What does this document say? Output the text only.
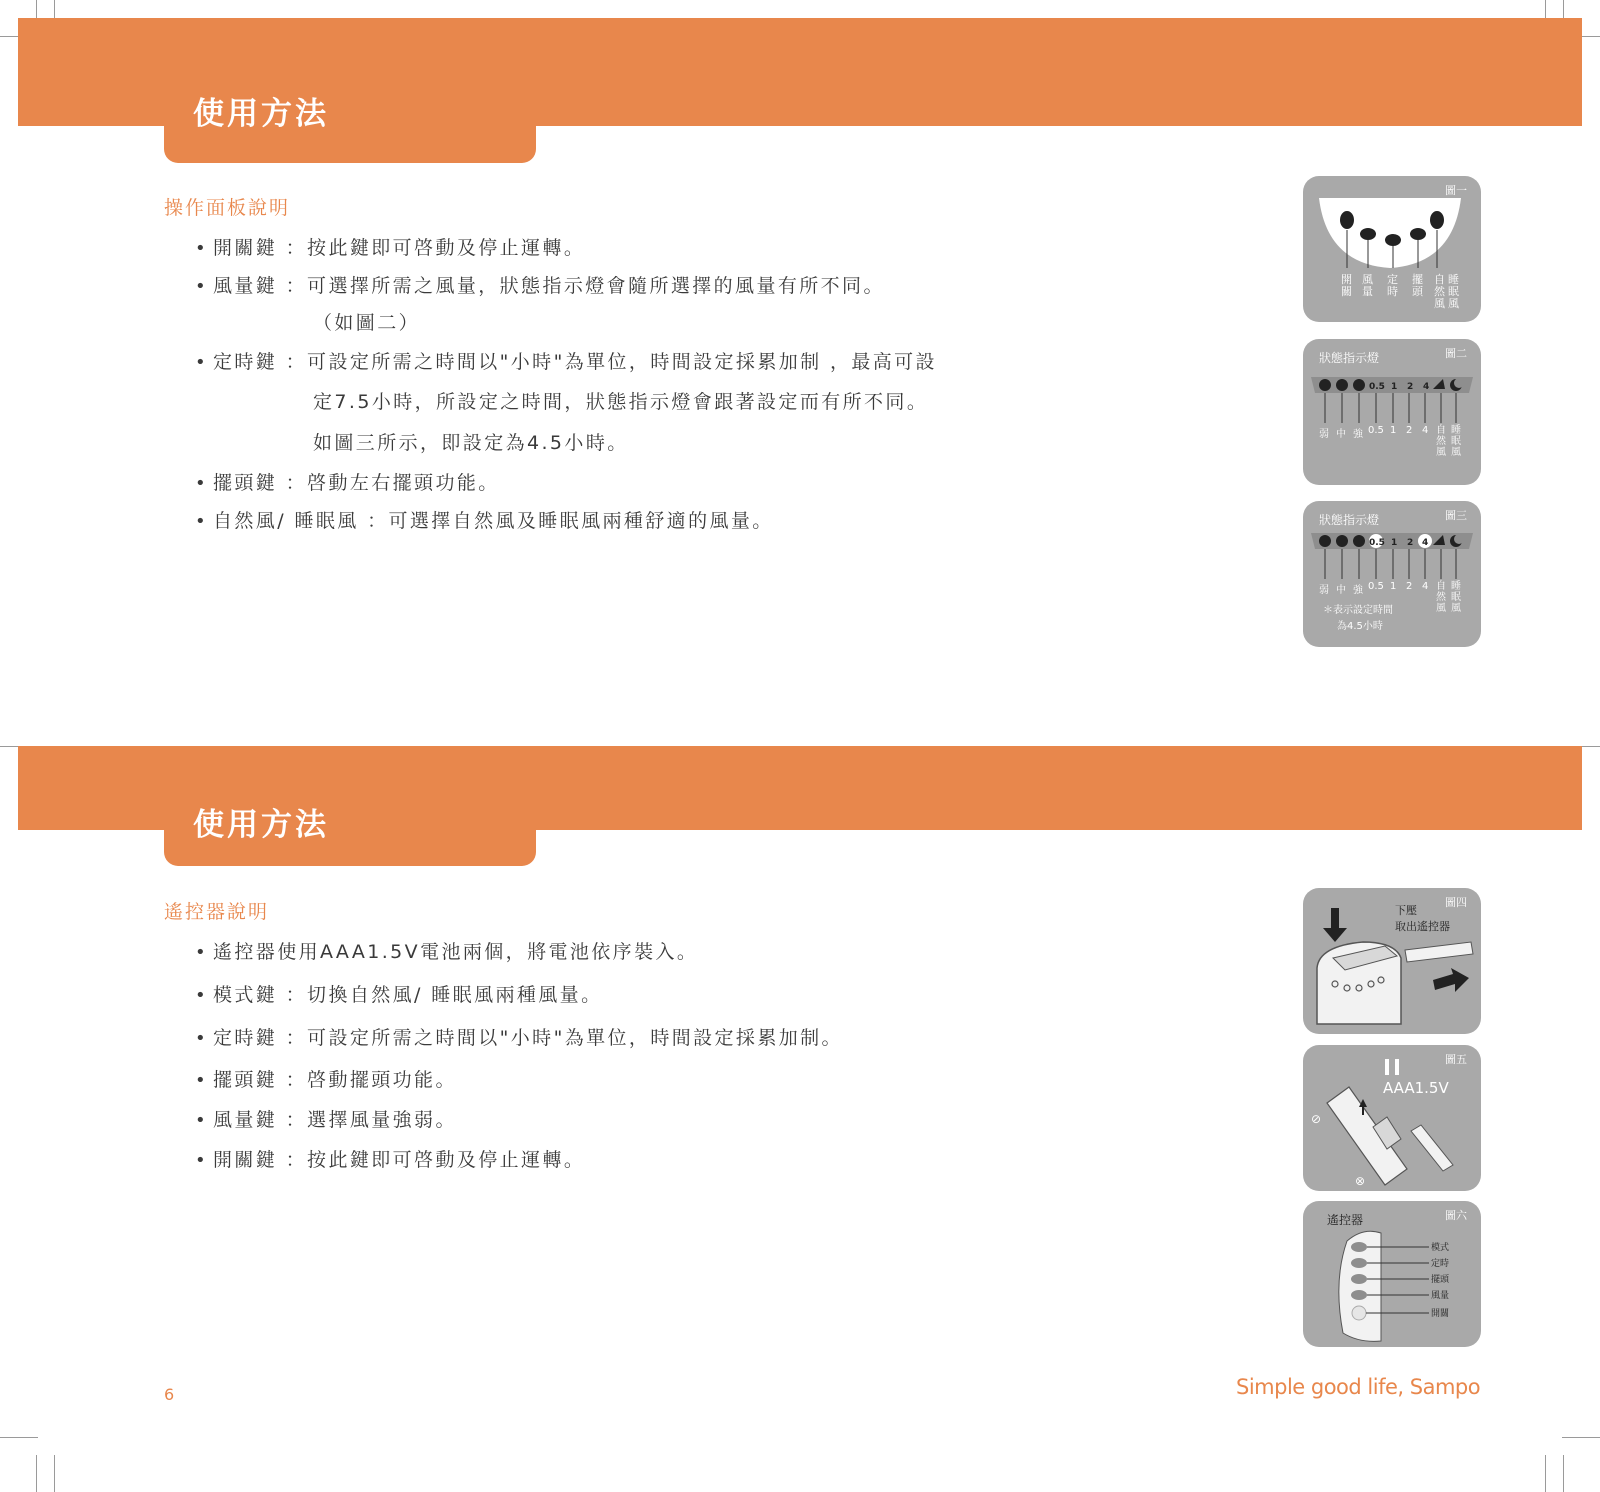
使用方法
操作面板說明
• 開關鍵 ：按此鍵即可啓動及停止運轉。
• 風量鍵 ：可選擇所需之風量，狀態指示燈會隨所選擇的風量有所不同。
（如圖二）
• 定時鍵 ：可設定所需之時間以"小時"為單位，時間設定採累加制 ，最高可設
定7.5小時，所設定之時間，狀態指示燈會跟著設定而有所不同。
如圖三所示，即設定為4.5小時。
• 擺頭鍵 ：啓動左右擺頭功能。
• 自然風/ 睡眠風 ：可選擇自然風及睡眠風兩種舒適的風量。
圖一
開關
風量
定時
擺頭
自然風
睡眠風
0.5 1 2 4
狀態指示燈	圖二
弱 中 強 0.5 1 2 4 自然風
睡眠風
0.5 1 2 4
狀態指示燈	圖三
弱 中 強 0.5 1 2 4 自然風
睡眠風
＊表示設定時間
為4.5小時
使用方法
遙控器說明
• 遙控器使用AAA1.5V電池兩個，將電池依序裝入。
• 模式鍵 ：切換自然風/ 睡眠風兩種風量。
• 定時鍵 ：可設定所需之時間以"小時"為單位，時間設定採累加制。
• 擺頭鍵 ：啓動擺頭功能。
• 風量鍵 ：選擇風量強弱。
• 開關鍵 ：按此鍵即可啓動及停止運轉。
圖四
下壓
取出遙控器
⊘
⊗
圖五
AAA1.5V
遙控器	圖六
模式
定時
擺頭
風量
開關
6	Simple good life, Sampo
